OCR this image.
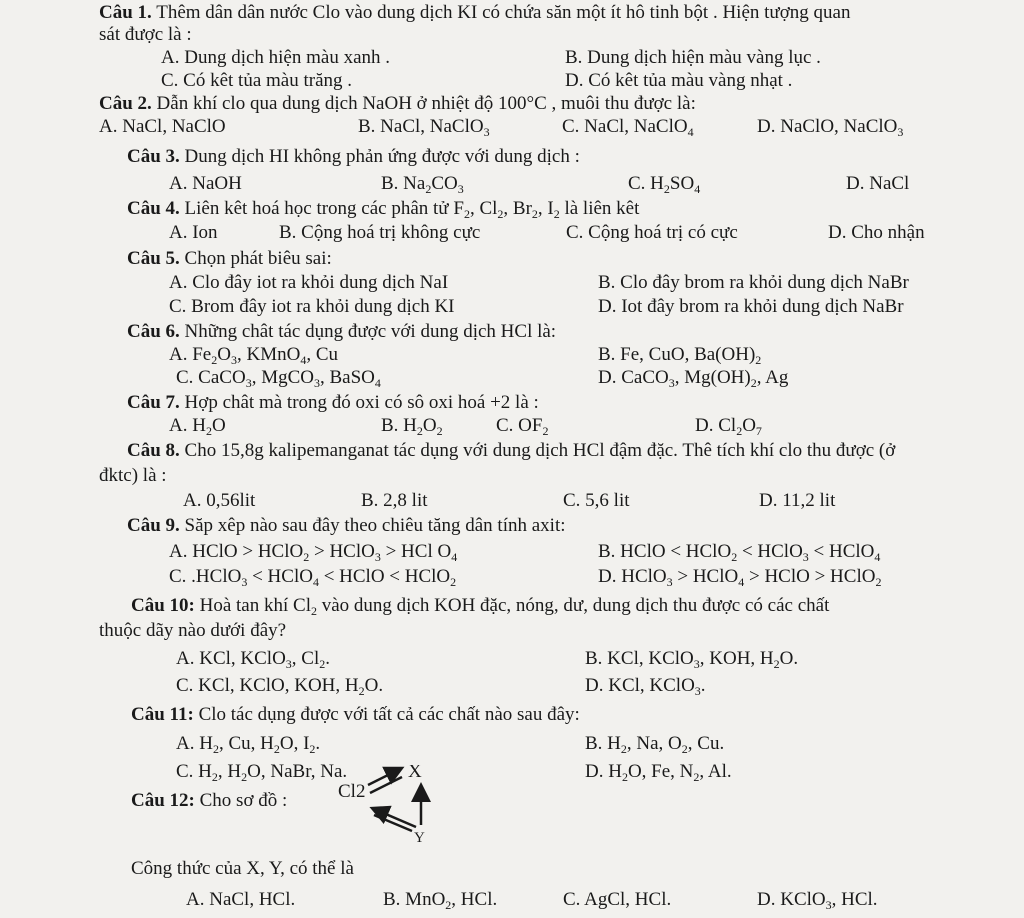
Câu 1. Thêm dân dân nước Clo vào dung dịch KI có chứa săn một ít hô tinh bột . Hiện tượng quan
sát được là :
A. Dung dịch hiện màu xanh .	B. Dung dịch hiện màu vàng lục .
C. Có kêt tủa màu trăng .	D. Có kêt tủa màu vàng nhạt .
Câu 2. Dẫn khí clo qua dung dịch NaOH ở nhiệt độ 100°C , muôi thu được là:
A. NaCl, NaClO	B. NaCl, NaClO$_3$	C. NaCl, NaClO$_4$	D. NaClO, NaClO$_3$
Câu 3. Dung dịch HI không phản ứng được với dung dịch :
A. NaOH	B. $Na_2CO_3$	C. $H_2SO_4$	D. NaCl
Câu 4. Liên kêt hoá học trong các phân tử $F_2$, $Cl_2$, $Br_2$, $I_2$ là liên kêt
A. Ion	B. Cộng hoá trị không cực	C. Cộng hoá trị có cực	D. Cho nhận
Câu 5. Chọn phát biêu sai:
A. Clo đây iot ra khỏi dung dịch NaI	B. Clo đây brom ra khỏi dung dịch NaBr
C. Brom đây iot ra khỏi dung dịch KI	D. Iot đây brom ra khỏi dung dịch NaBr
Câu 6. Những chât tác dụng được với dung dịch HCl là:
A. $Fe_2O_3$, KMnO$_4$, Cu	B. Fe, CuO, $Ba(OH)_2$
C. CaCO$_3$, MgCO$_3$, BaSO$_4$	D. CaCO$_3$, $Mg(OH)_2$, Ag
Câu 7. Hợp chât mà trong đó oxi có sô oxi hoá +2 là :
A. $H_2O$	B. $H_2O_2$	C. $OF_2$	D. $Cl_2O_7$
Câu 8. Cho 15,8g kalipemanganat tác dụng với dung dịch HCl đậm đặc. Thê tích khí clo thu được (ở
đktc) là :
A. 0,56lit	B. 2,8 lit	C. 5,6 lit	D. 11,2 lit
Câu 9. Săp xêp nào sau đây theo chiêu tăng dân tính axit:
A. HClO > HClO$_2$ > HClO$_3$ > HCl $O_4$	B. HClO < HClO$_2$ < HClO$_3$ < HClO$_4$
C. .HClO$_3$ < HClO$_4$ < HClO < HClO$_2$	D. HClO$_3$ > HClO$_4$ > HClO > HClO$_2$
Câu 10: Hoà tan khí $Cl_2$ vào dung dịch KOH đặc, nóng, dư, dung dịch thu được có các chất
thuộc dãy nào dưới đây?
A. KCl, KClO$_3$, $Cl_2$.	B. KCl, KClO$_3$, KOH, $H_2O$.
C. KCl, KClO, KOH, $H_2O$.	D. KCl, KClO$_3$.
Câu 11: Clo tác dụng được với tất cả các chất nào sau đây:
A. $H_2$, Cu, $H_2O$, $I_2$.	B. $H_2$, Na, $O_2$, Cu.
C. $H_2$, $H_2O$, NaBr, Na.	D. $H_2O$, Fe, $N_2$, Al.
Câu 12: Cho sơ đồ :	Cl2
X
Y
Công thức của X, Y, có thể là
A. NaCl, HCl.	B. MnO$_2$, HCl.	C. AgCl, HCl.	D. KClO$_3$, HCl.
